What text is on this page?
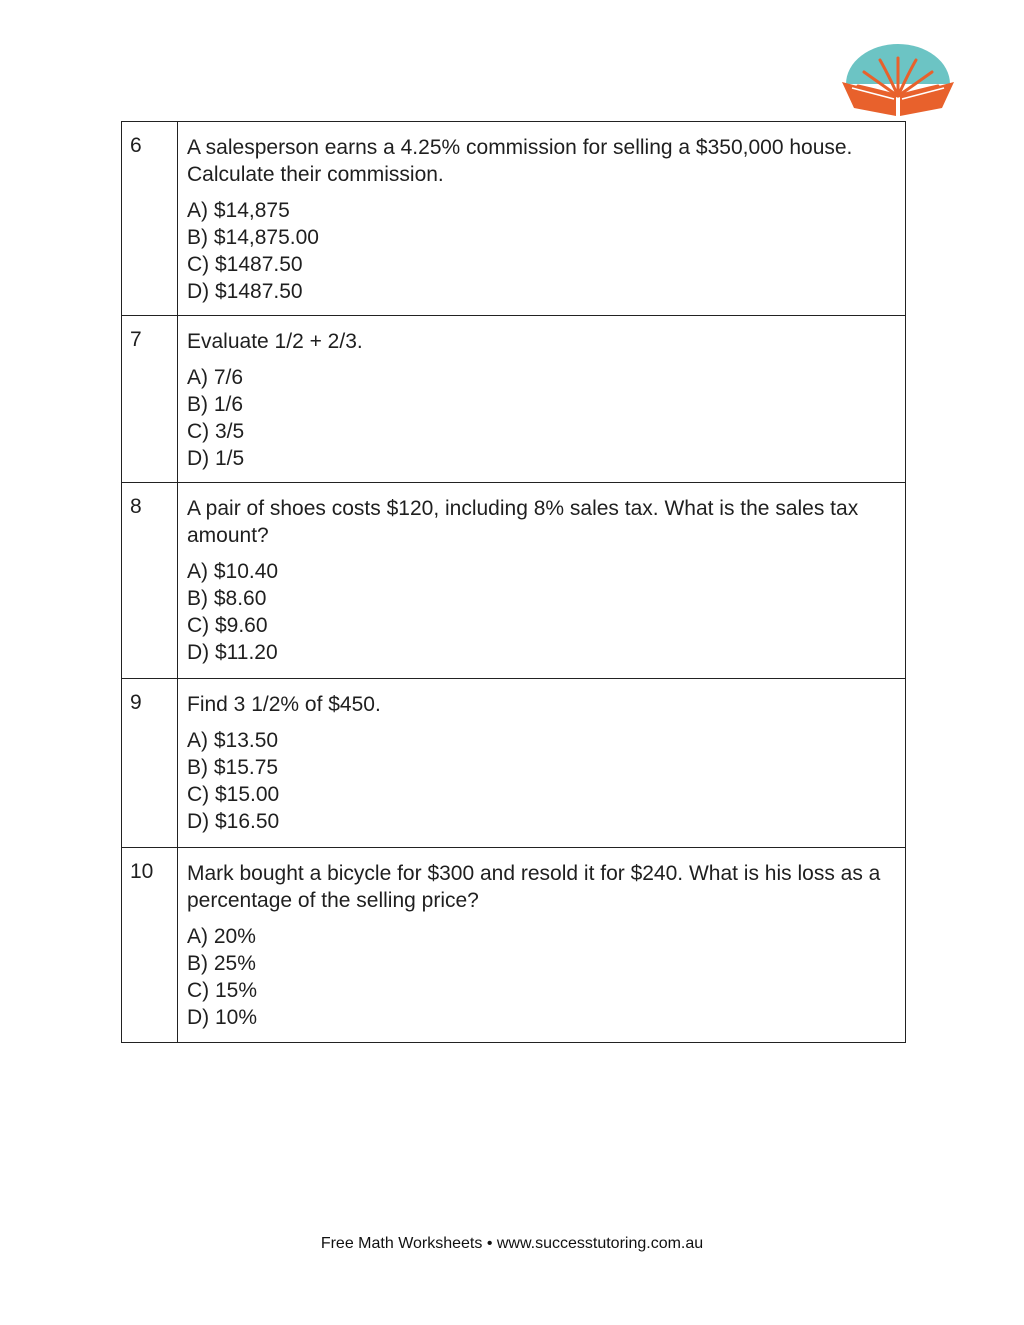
6	A salesperson earns a 4.25% commission for selling a $350,000 house. Calculate their commission.
A) $14,875
B) $14,875.00
C) $1487.50
D) $1487.50

7	Evaluate 1/2 + 2/3.
A) 7/6
B) 1/6
C) 3/5
D) 1/5

8	A pair of shoes costs $120, including 8% sales tax. What is the sales tax amount?
A) $10.40
B) $8.60
C) $9.60
D) $11.20

9	Find 3 1/2% of $450.
A) $13.50
B) $15.75
C) $15.00
D) $16.50

10	Mark bought a bicycle for $300 and resold it for $240. What is his loss as a percentage of the selling price?
A) 20%
B) 25%
C) 15%
D) 10%
Free Math Worksheets • www.successtutoring.com.au
